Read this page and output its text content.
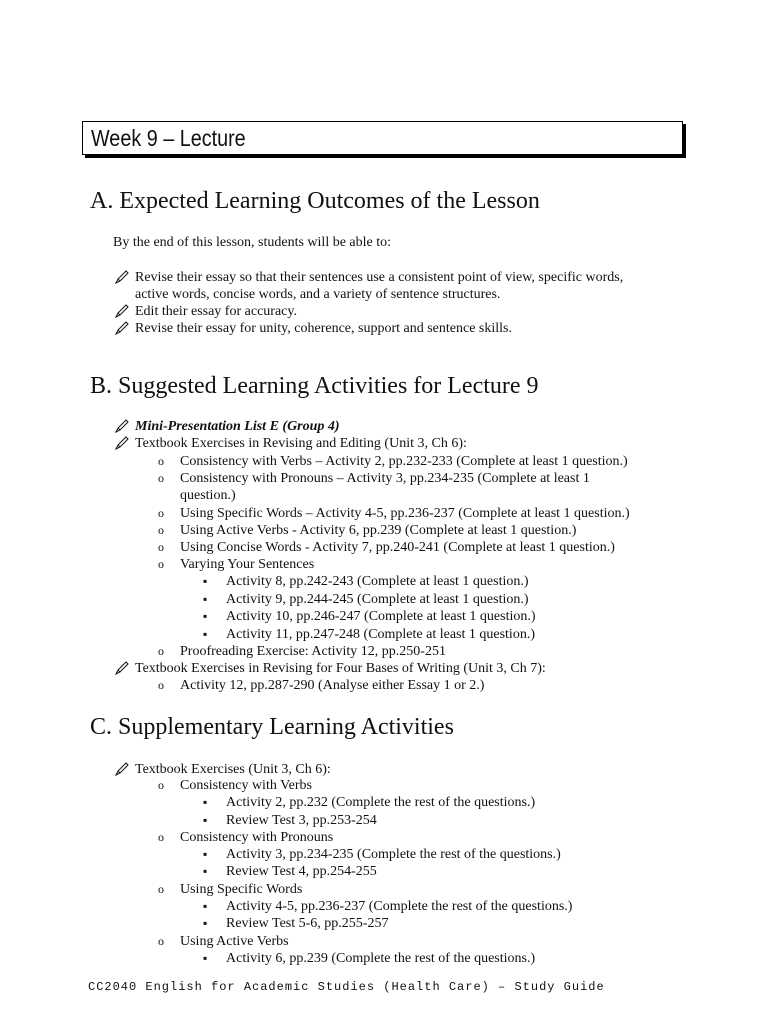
Week 9 – Lecture
A. Expected Learning Outcomes of the Lesson
By the end of this lesson, students will be able to:
Revise their essay so that their sentences use a consistent point of view, specific words,
active words, concise words, and a variety of sentence structures.
Edit their essay for accuracy.
Revise their essay for unity, coherence, support and sentence skills.
B. Suggested Learning Activities for Lecture 9
Mini-Presentation List E (Group 4)
Textbook Exercises in Revising and Editing (Unit 3, Ch 6):
o Consistency with Verbs – Activity 2, pp.232-233 (Complete at least 1 question.)
o Consistency with Pronouns – Activity 3, pp.234-235 (Complete at least 1
question.)
o Using Specific Words – Activity 4-5, pp.236-237 (Complete at least 1 question.)
o Using Active Verbs - Activity 6, pp.239 (Complete at least 1 question.)
o Using Concise Words - Activity 7, pp.240-241 (Complete at least 1 question.)
o Varying Your Sentences
▪ Activity 8, pp.242-243 (Complete at least 1 question.)
▪ Activity 9, pp.244-245 (Complete at least 1 question.)
▪ Activity 10, pp.246-247 (Complete at least 1 question.)
▪ Activity 11, pp.247-248 (Complete at least 1 question.)
o Proofreading Exercise: Activity 12, pp.250-251
Textbook Exercises in Revising for Four Bases of Writing (Unit 3, Ch 7):
o Activity 12, pp.287-290 (Analyse either Essay 1 or 2.)
C. Supplementary Learning Activities
Textbook Exercises (Unit 3, Ch 6):
o Consistency with Verbs
▪ Activity 2, pp.232 (Complete the rest of the questions.)
▪ Review Test 3, pp.253-254
o Consistency with Pronouns
▪ Activity 3, pp.234-235 (Complete the rest of the questions.)
▪ Review Test 4, pp.254-255
o Using Specific Words
▪ Activity 4-5, pp.236-237 (Complete the rest of the questions.)
▪ Review Test 5-6, pp.255-257
o Using Active Verbs
▪ Activity 6, pp.239 (Complete the rest of the questions.)
CC2040 English for Academic Studies (Health Care) – Study Guide
